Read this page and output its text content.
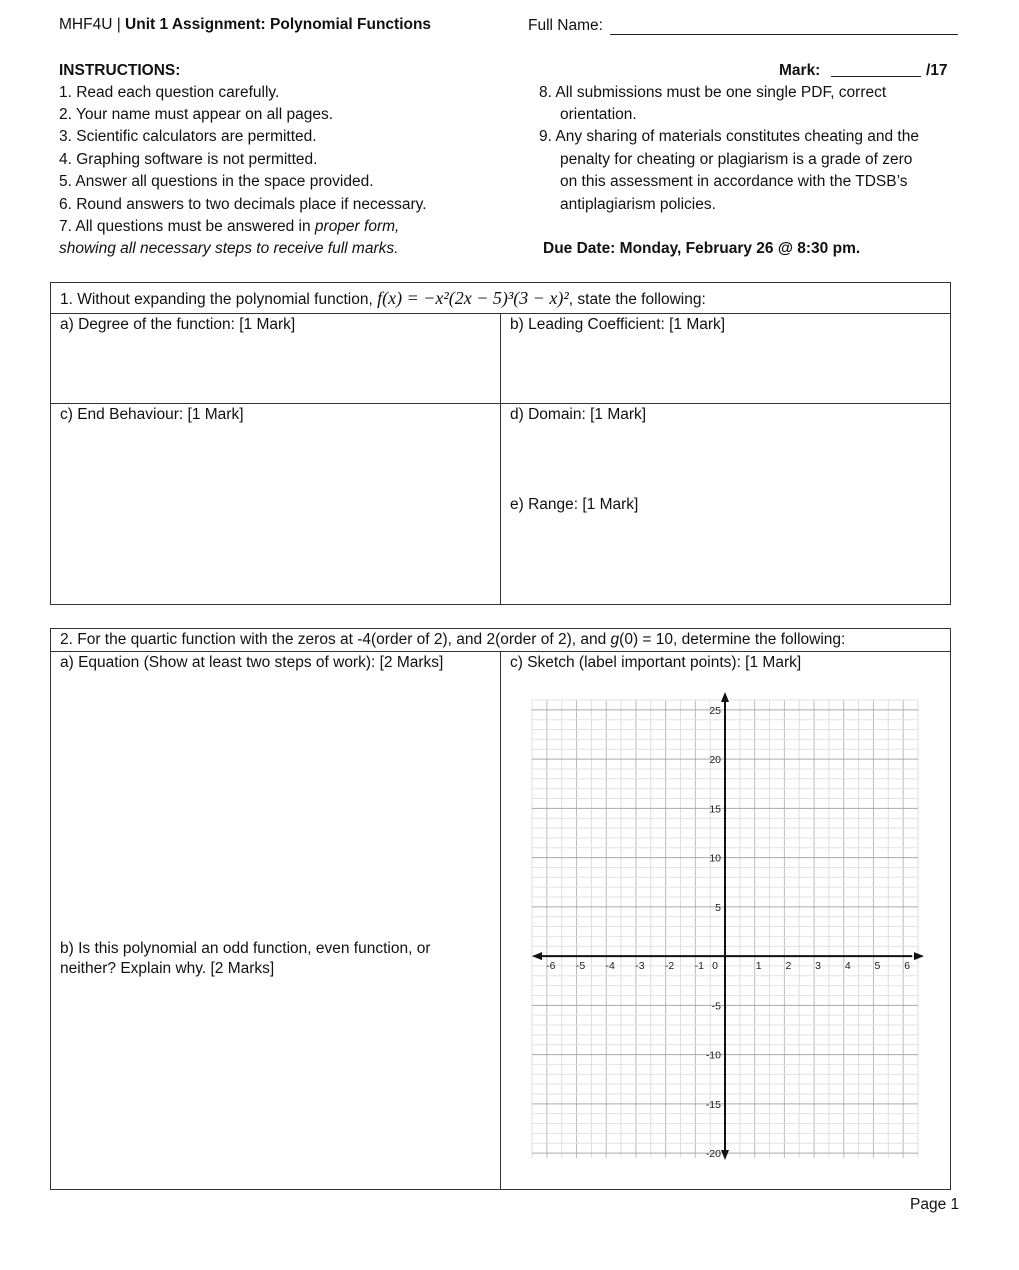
MHF4U | Unit 1 Assignment: Polynomial Functions	Full Name:
INSTRUCTIONS:	Mark:	/17
1. Read each question carefully.
2. Your name must appear on all pages.
3. Scientific calculators are permitted.
4. Graphing software is not permitted.
5. Answer all questions in the space provided.
6. Round answers to two decimals place if necessary.
7. All questions must be answered in proper form,
showing all necessary steps to receive full marks.
8. All submissions must be one single PDF, correct
orientation.
9. Any sharing of materials constitutes cheating and the
penalty for cheating or plagiarism is a grade of zero
on this assessment in accordance with the TDSB’s
antiplagiarism policies.
Due Date: Monday, February 26 @ 8:30 pm.
1. Without expanding the polynomial function, f(x) = −x²(2x − 5)³(3 − x)², state the following:	

a) Degree of the function: [1 Mark]	b) Leading Coefficient: [1 Mark]

c) End Behaviour: [1 Mark]	d) Domain: [1 Mark]
e) Range: [1 Mark]
2. For the quartic function with the zeros at -4(order of 2), and 2(order of 2), and g(0) = 10, determine the following:

a) Equation (Show at least two steps of work): [2 Marks]
b) Is this polynomial an odd function, even function, or
neither? Explain why. [2 Marks]

c) Sketch (label important points): [1 Mark]
-6 -5 -4 -3 -2 -1 0	1 2 3 4 5 6
25
20
15
10
5
-5
-10
-15
-20
Page 1
